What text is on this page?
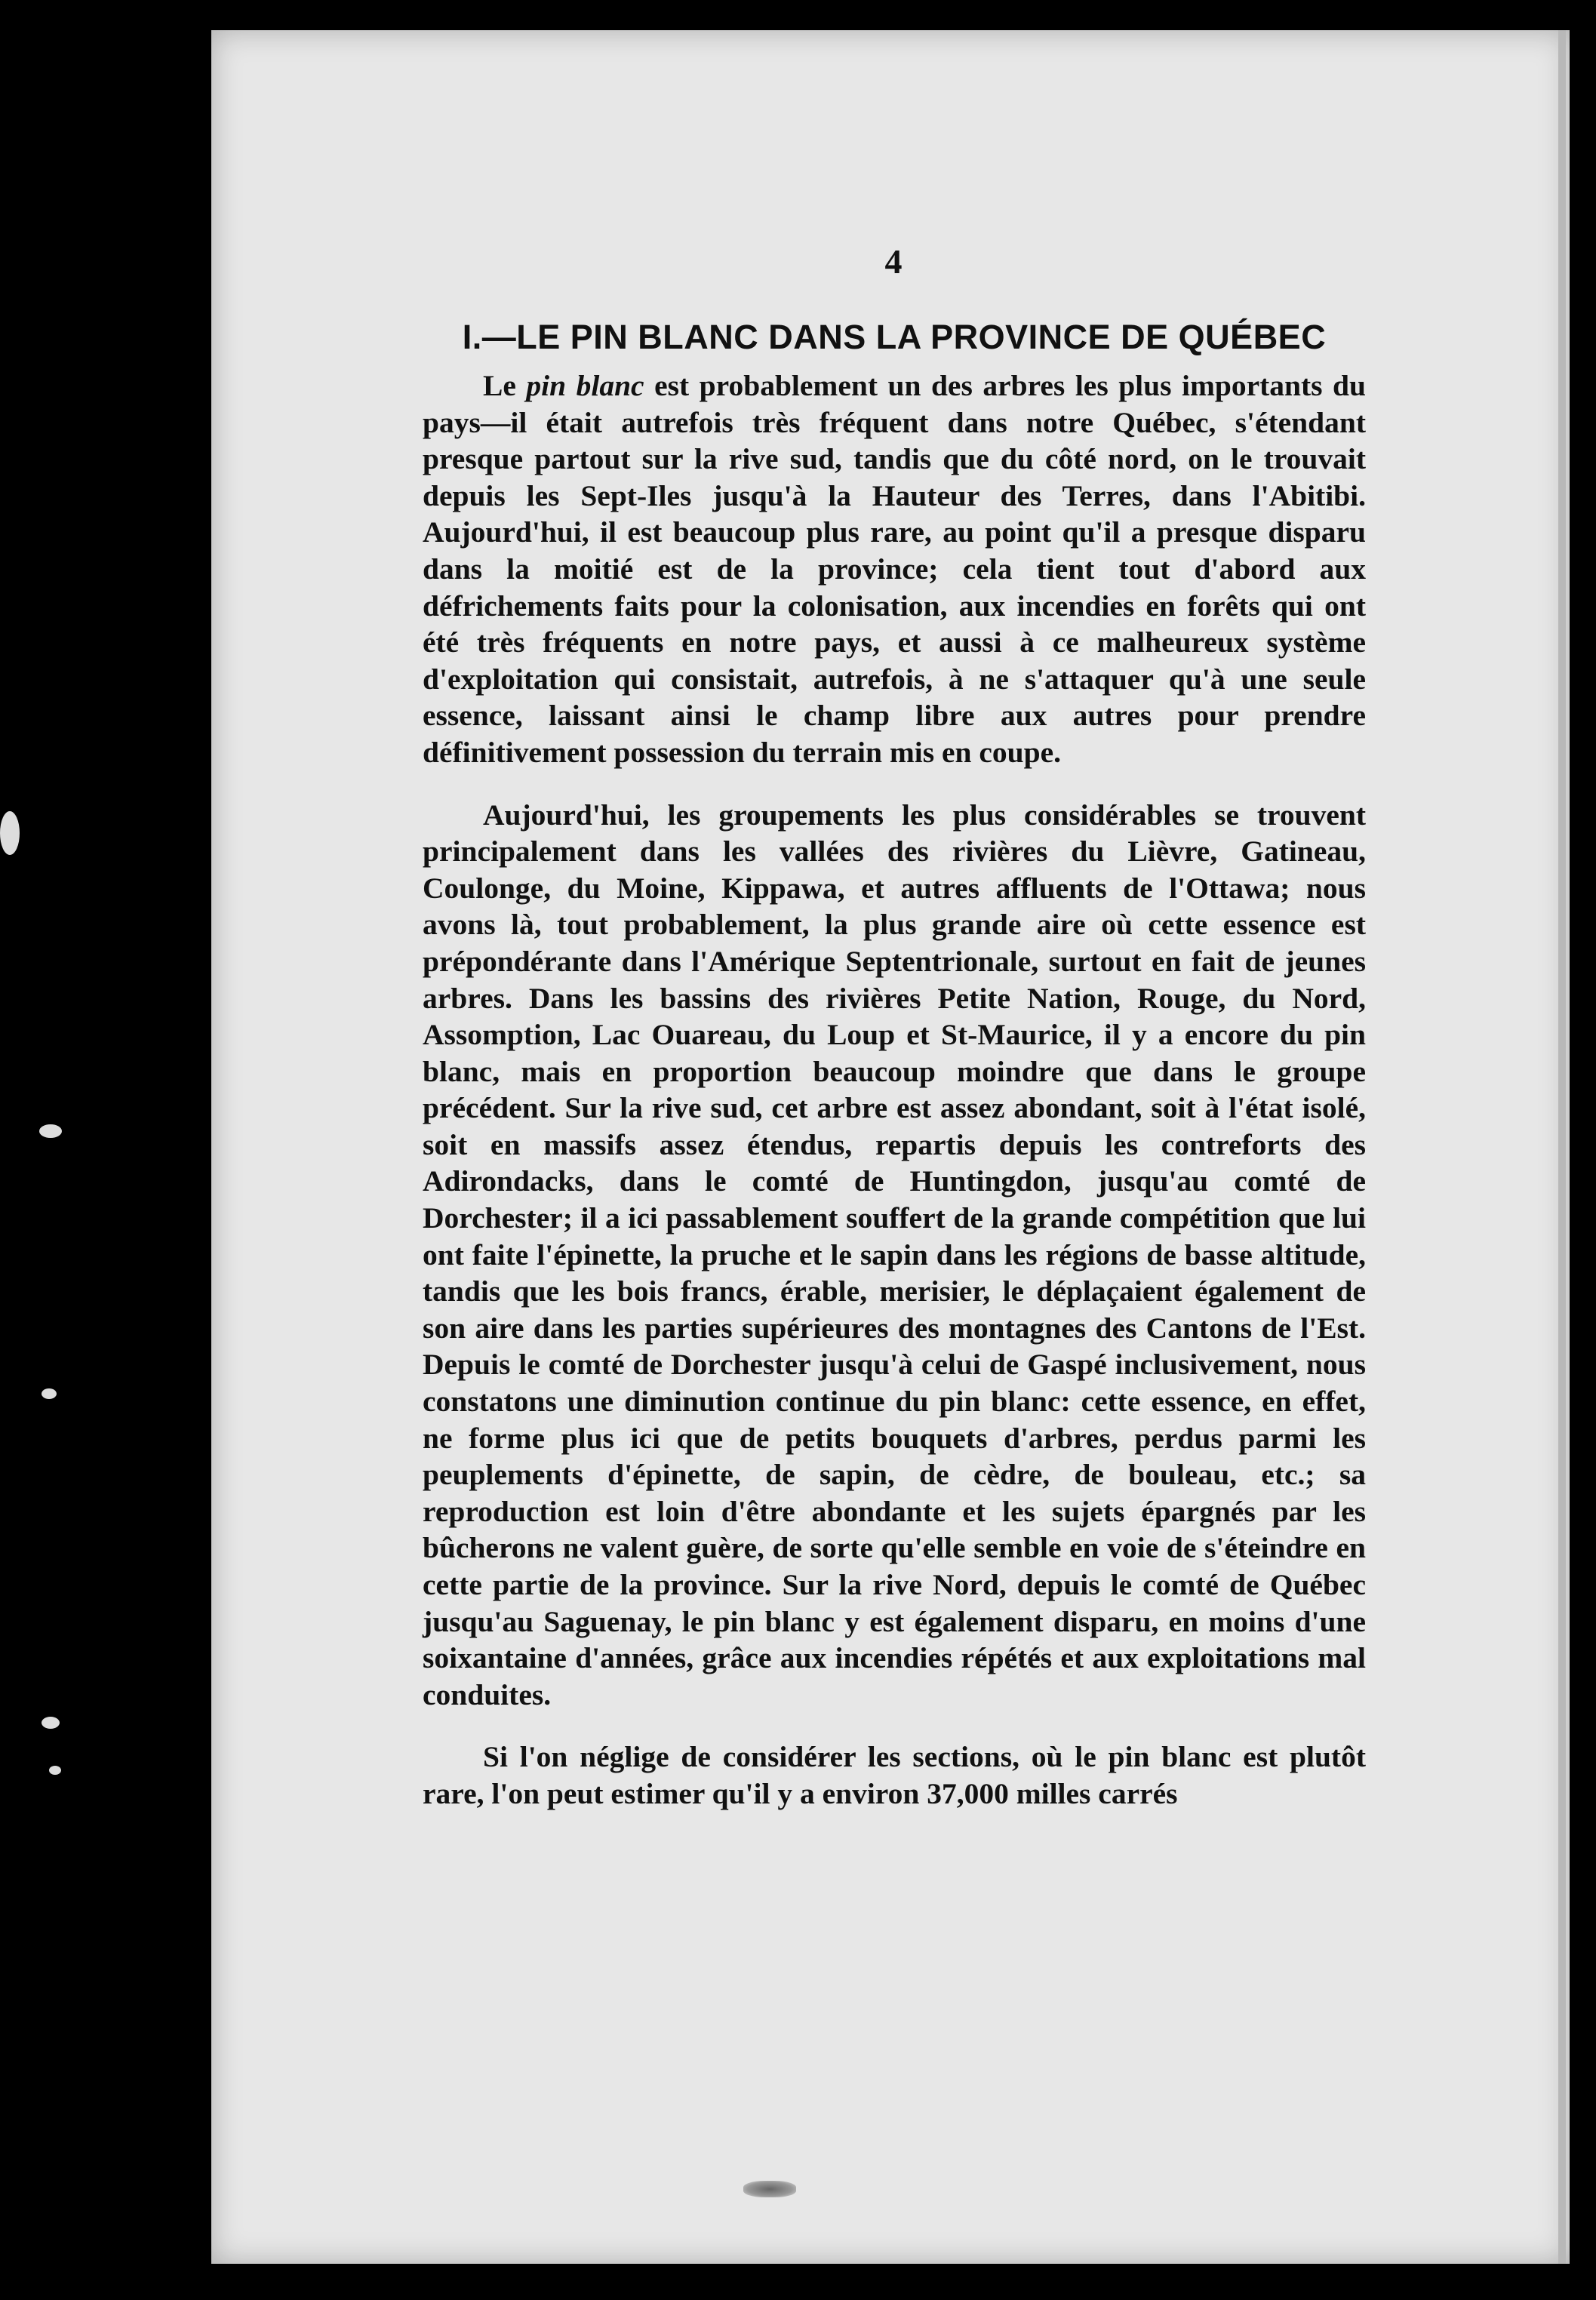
4
I.—LE PIN BLANC DANS LA PROVINCE DE QUÉBEC

Le pin blanc est probablement un des arbres les plus importants du pays—il était autrefois très fréquent dans notre Québec, s'étendant presque partout sur la rive sud, tandis que du côté nord, on le trouvait depuis les Sept-Iles jusqu'à la Hauteur des Terres, dans l'Abitibi. Aujourd'hui, il est beaucoup plus rare, au point qu'il a presque disparu dans la moitié est de la province; cela tient tout d'abord aux défrichements faits pour la colonisation, aux incendies en forêts qui ont été très fréquents en notre pays, et aussi à ce malheureux système d'exploitation qui consistait, autrefois, à ne s'attaquer qu'à une seule essence, laissant ainsi le champ libre aux autres pour prendre définitivement possession du terrain mis en coupe.

Aujourd'hui, les groupements les plus considérables se trouvent principalement dans les vallées des rivières du Lièvre, Gatineau, Coulonge, du Moine, Kippawa, et autres affluents de l'Ottawa; nous avons là, tout probablement, la plus grande aire où cette essence est prépondérante dans l'Amérique Septentrionale, surtout en fait de jeunes arbres. Dans les bassins des rivières Petite Nation, Rouge, du Nord, Assomption, Lac Ouareau, du Loup et St-Maurice, il y a encore du pin blanc, mais en proportion beaucoup moindre que dans le groupe précédent. Sur la rive sud, cet arbre est assez abondant, soit à l'état isolé, soit en massifs assez étendus, repartis depuis les contreforts des Adirondacks, dans le comté de Huntingdon, jusqu'au comté de Dorchester; il a ici passablement souffert de la grande compétition que lui ont faite l'épinette, la pruche et le sapin dans les régions de basse altitude, tandis que les bois francs, érable, merisier, le déplaçaient également de son aire dans les parties supérieures des montagnes des Cantons de l'Est. Depuis le comté de Dorchester jusqu'à celui de Gaspé inclusivement, nous constatons une diminution continue du pin blanc: cette essence, en effet, ne forme plus ici que de petits bouquets d'arbres, perdus parmi les peuplements d'épinette, de sapin, de cèdre, de bouleau, etc.; sa reproduction est loin d'être abondante et les sujets épargnés par les bûcherons ne valent guère, de sorte qu'elle semble en voie de s'éteindre en cette partie de la province. Sur la rive Nord, depuis le comté de Québec jusqu'au Saguenay, le pin blanc y est également disparu, en moins d'une soixantaine d'années, grâce aux incendies répétés et aux exploitations mal conduites.

Si l'on néglige de considérer les sections, où le pin blanc est plutôt rare, l'on peut estimer qu'il y a environ 37,000 milles carrés
